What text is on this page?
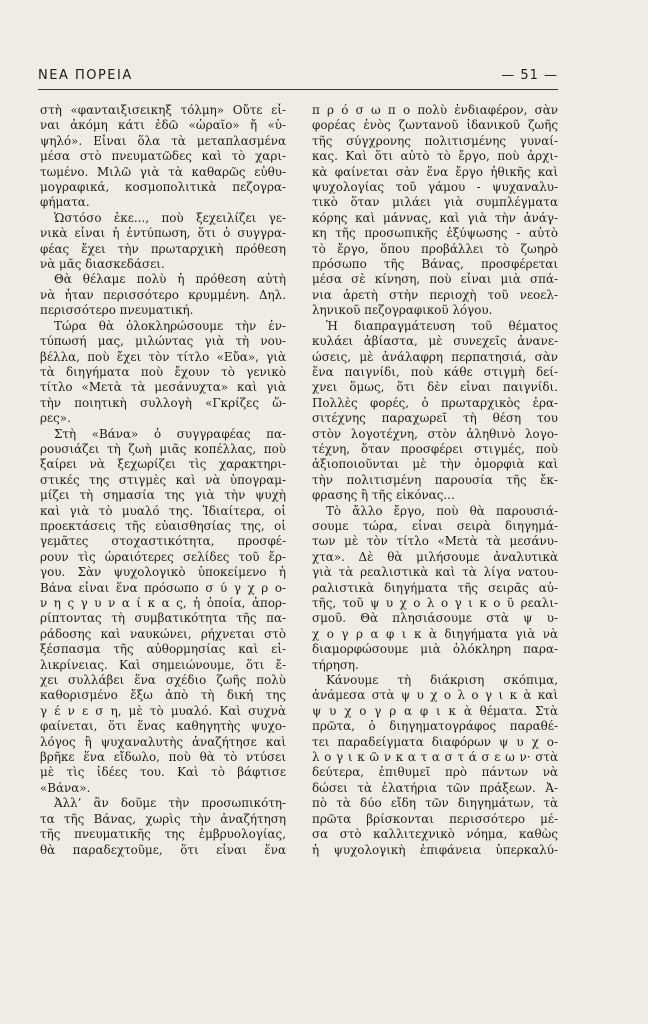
ΝΕΑ ΠΟΡΕΙΑ	— 51 —
στὴ «φανταιξισεικηξ τόλμη» Οὔτε εἶ-
ναι ἀκόμη κάτι ἐδῶ «ὡραῖο» ἤ «ὑ-
ψηλό». Εἶναι ὅλα τὰ μεταπλασμένα
μέσα στὸ πνευματῶδες καὶ τὸ χαρι-
τωμένο. Μιλῶ γιὰ τὰ καθαρῶς εὐθυ-
μογραφικά, κοσμοπολιτικὰ πεζογρα-
φήματα.
Ὡστόσο ἐκε..., ποὺ ξεχειλίζει γε-
νικὰ εἶναι ἡ ἐντύπωση, ὅτι ὁ συγγρα-
φέας ἔχει τὴν πρωταρχικὴ πρόθεση
νὰ μᾶς διασκεδάσει.
Θὰ θέλαμε πολὺ ἡ πρόθεση αὐτὴ
νὰ ἦταν περισσότερο κρυμμένη. Δηλ.
περισσότερο πνευματική.
Τώρα θὰ ὁλοκληρώσουμε τὴν ἐν-
τύπωσή μας, μιλώντας γιὰ τὴ νου-
βέλλα, ποὺ ἔχει τὸν τίτλο «Εὔα», γιὰ
τὰ διηγήματα ποὺ ἔχουν τὸ γενικὸ
τίτλο «Μετὰ τὰ μεσάνυχτα» καὶ γιὰ
τὴν ποιητικὴ συλλογὴ «Γκρίζες ὥ-
ρες».
Στὴ «Βάνα» ὁ συγγραφέας πα-
ρουσιάζει τὴ ζωὴ μιᾶς κοπέλλας, ποὺ
ξαίρει νὰ ξεχωρίζει τὶς χαρακτηρι-
στικές της στιγμὲς καὶ νὰ ὑπογραμ-
μίζει τὴ σημασία της γιὰ τὴν ψυχὴ
καὶ γιὰ τὸ μυαλό της. Ἰδιαίτερα, οἱ
προεκτάσεις τῆς εὐαισθησίας της, οἱ
γεμᾶτες στοχαστικότητα, προσφέ-
ρουν τὶς ὡραιότερες σελίδες τοῦ ἔρ-
γου. Σὰν ψυχολογικὸ ὑποκείμενο ἡ
Βάνα εἶναι ἕνα πρόσωπο σ ύ γ χ ρ ο-
ν η ς γ υ ν α ί κ α ς, ἡ ὁποία, ἀπορ-
ρίπτοντας τὴ συμβατικότητα τῆς πα-
ράδοσης καὶ ναυκώνει, ρήχνεται στὸ
ξέσπασμα τῆς αὐθορμησίας καὶ εἰ-
λικρίνειας. Καὶ σημειώνουμε, ὅτι ἔ-
χει συλλάβει ἕνα σχέδιο ζωῆς πολὺ
καθορισμένο ἔξω ἀπὸ τὴ δική της
γ έ ν ε σ η, μὲ τὸ μυαλό. Καὶ συχνὰ
φαίνεται, ὅτι ἕνας καθηγητὴς ψυχο-
λόγος ἢ ψυχαναλυτὴς ἀναζήτησε καὶ
βρῆκε ἕνα εἴδωλο, ποὺ θὰ τὸ ντύσει
μὲ τὶς ἰδέες του. Καὶ τὸ βάφτισε
«Βάνα».
Ἀλλ’ ἂν δοῦμε τὴν προσωπικότη-
τα τῆς Βάνας, χωρὶς τὴν ἀναζήτηση
τῆς πνευματικῆς της ἐμβρυολογίας,
θὰ παραδεχτοῦμε, ὅτι εἶναι ἕνα
π ρ ό σ ω π ο πολὺ ἐνδιαφέρον, σὰν
φορέας ἑνὸς ζωντανοῦ ἰδανικοῦ ζωῆς
τῆς σύγχρονης πολιτισμένης γυναί-
κας. Καὶ ὅτι αὐτὸ τὸ ἔργο, ποὺ ἀρχι-
κὰ φαίνεται σὰν ἕνα ἔργο ἠθικῆς καὶ
ψυχολογίας τοῦ γάμου - ψυχαναλυ-
τικὸ ὅταν μιλάει γιὰ συμπλέγματα
κόρης καὶ μάννας, καὶ γιὰ τὴν ἀνάγ-
κη τῆς προσωπικῆς ἐξύψωσης - αὐτὸ
τὸ ἔργο, ὅπου προβάλλει τὸ ζωηρὸ
πρόσωπο τῆς Βάνας, προσφέρεται
μέσα σὲ κίνηση, ποὺ εἶναι μιὰ σπά-
νια ἀρετὴ στὴν περιοχὴ τοῦ νεοελ-
ληνικοῦ πεζογραφικοῦ λόγου.
Ἡ διαπραγμάτευση τοῦ θέματος
κυλάει ἀβίαστα, μὲ συνεχεῖς ἀνανε-
ώσεις, μὲ ἀνάλαφρη περπατησιά, σὰν
ἕνα παιγνίδι, ποὺ κάθε στιγμὴ δεί-
χνει ὅμως, ὅτι δὲν εἶναι παιγνίδι.
Πολλὲς φορές, ὁ πρωταρχικὸς ἐρα-
σιτέχνης παραχωρεῖ τὴ θέση του
στὸν λογοτέχνη, στὸν ἀληθινὸ λογο-
τέχνη, ὅταν προσφέρει στιγμές, ποὺ
ἀξιοποιοῦνται μὲ τὴν ὀμορφιὰ καὶ
τὴν πολιτισμένη παρουσία τῆς ἔκ-
φρασης ἢ τῆς εἰκόνας...
Τὸ ἄλλο ἔργο, ποὺ θὰ παρουσιά-
σουμε τώρα, εἶναι σειρὰ διηγημά-
των μὲ τὸν τίτλο «Μετὰ τὰ μεσάνυ-
χτα». Δὲ θὰ μιλήσουμε ἀναλυτικὰ
γιὰ τὰ ρεαλιστικὰ καὶ τὰ λίγα νατου-
ραλιστικὰ διηγήματα τῆς σειρᾶς αὐ-
τῆς, τοῦ ψ υ χ ο λ ο γ ι κ ο ῦ ρεαλι-
σμοῦ. Θὰ πλησιάσουμε στὰ ψ υ-
χ ο γ ρ α φ ι κ ὰ διηγήματα γιὰ νὰ
διαμορφώσουμε μιὰ ὁλόκληρη παρα-
τήρηση.
Κάνουμε τὴ διάκριση σκόπιμα,
ἀνάμεσα στὰ ψ υ χ ο λ ο γ ι κ ὰ καὶ
ψ υ χ ο γ ρ α φ ι κ ὰ θέματα. Στὰ
πρῶτα, ὁ διηγηματογράφος παραθέ-
τει παραδείγματα διαφόρων ψ υ χ ο-
λ ο γ ι κ ῶ ν κ α τ α σ τ ά σ ε ω ν· στὰ
δεύτερα, ἐπιθυμεῖ πρὸ πάντων νὰ
δώσει τὰ ἐλατήρια τῶν πράξεων. Ἀ-
πὸ τὰ δύο εἴδη τῶν διηγημάτων, τὰ
πρῶτα βρίσκονται περισσότερο μέ-
σα στὸ καλλιτεχνικὸ νόημα, καθὼς
ἡ ψυχολογικὴ ἐπιφάνεια ὑπερκαλύ-
